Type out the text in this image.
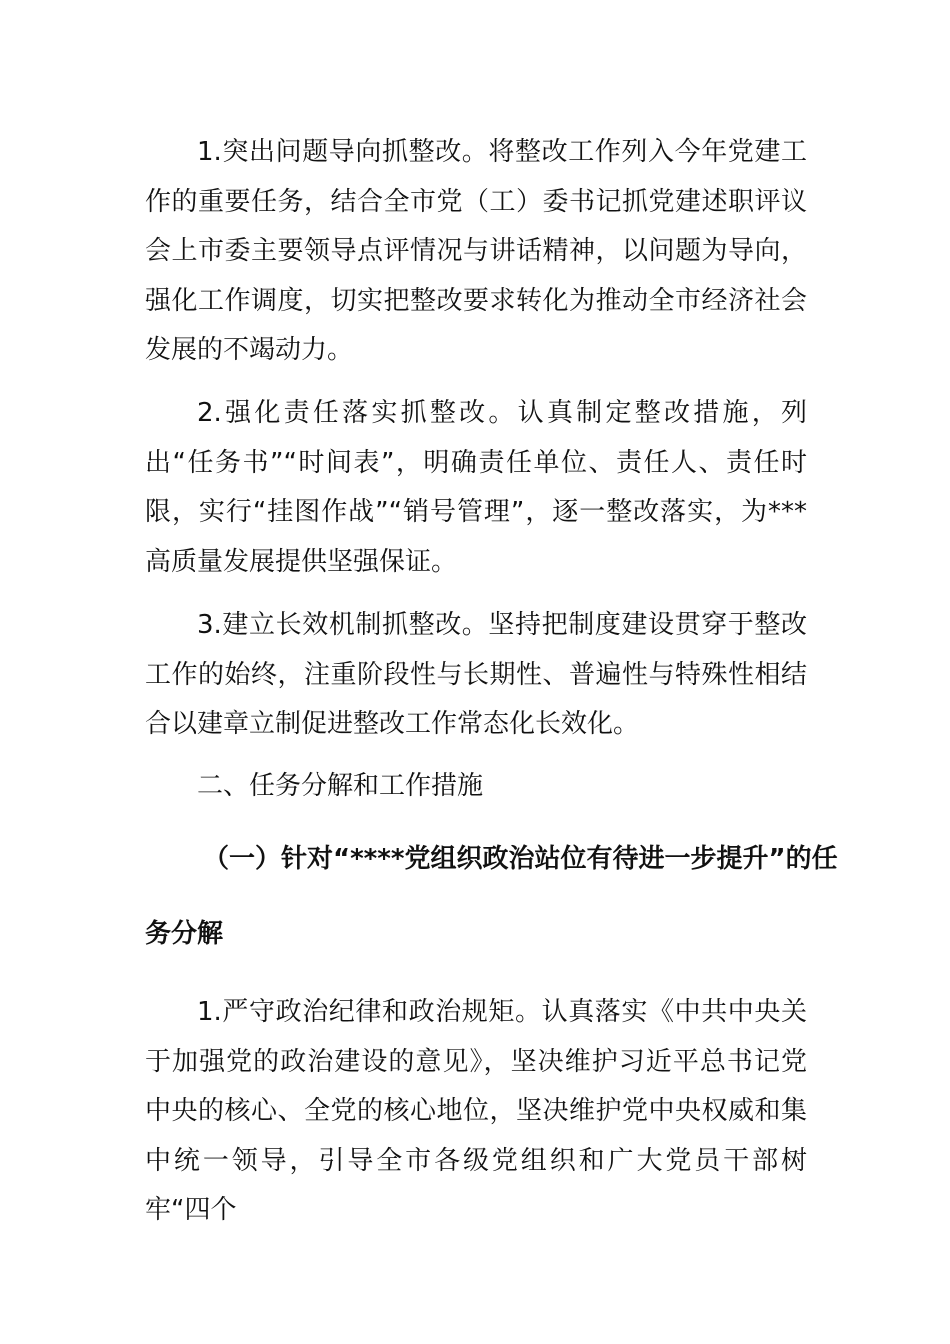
1.突出问题导向抓整改。将整改工作列入今年党建工作的重要任务，结合全市党（工）委书记抓党建述职评议会上市委主要领导点评情况与讲话精神，以问题为导向，强化工作调度，切实把整改要求转化为推动全市经济社会发展的不竭动力。

2.强化责任落实抓整改。认真制定整改措施，列出“任务书”“时间表”，明确责任单位、责任人、责任时限，实行“挂图作战”“销号管理”，逐一整改落实，为***高质量发展提供坚强保证。

3.建立长效机制抓整改。坚持把制度建设贯穿于整改工作的始终，注重阶段性与长期性、普遍性与特殊性相结合以建章立制促进整改工作常态化长效化。

二、任务分解和工作措施

（一）针对“****党组织政治站位有待进一步提升”的任

务分解

1.严守政治纪律和政治规矩。认真落实《中共中央关于加强党的政治建设的意见》，坚决维护习近平总书记党中央的核心、全党的核心地位，坚决维护党中央权威和集中统一领导，引导全市各级党组织和广大党员干部树牢“四个
